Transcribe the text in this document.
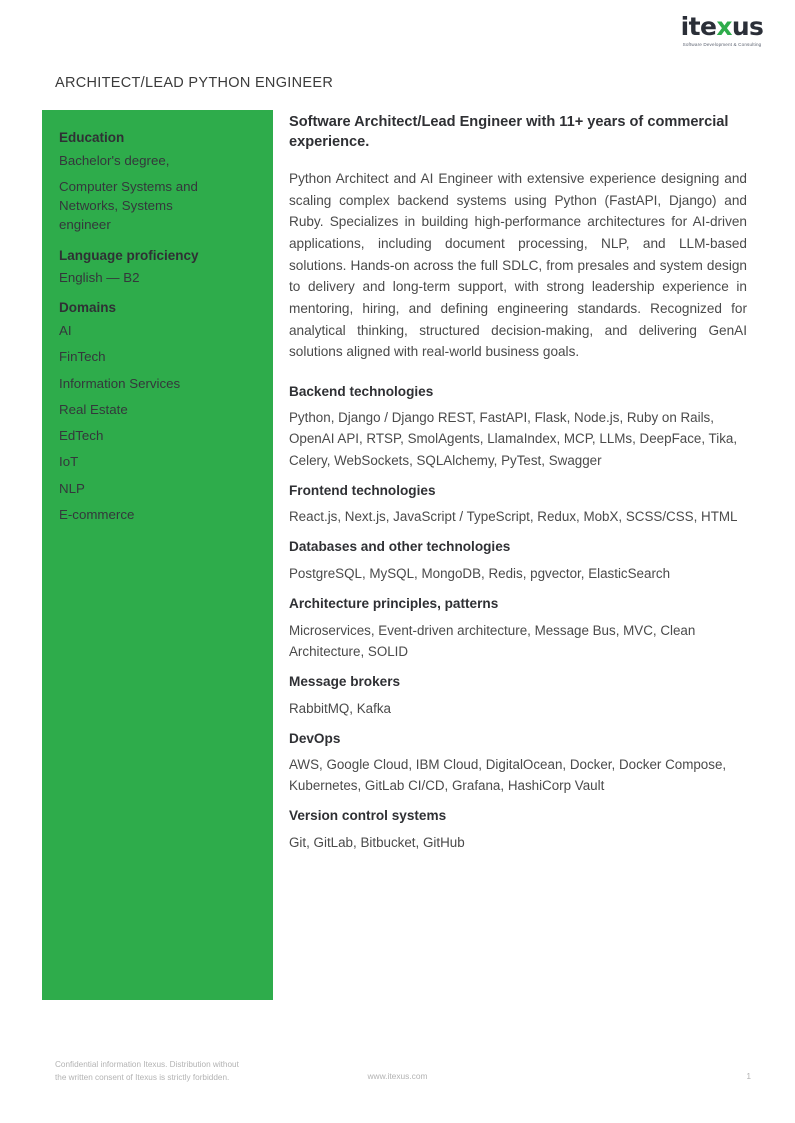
itexus
Software Development & Consulting
ARCHITECT/LEAD PYTHON ENGINEER
Education
Bachelor's degree,
Computer Systems and
Networks, Systems
engineer
Language proficiency
English — B2
Domains
AI
FinTech
Information Services
Real Estate
EdTech
IoT
NLP
E-commerce
Software Architect/Lead Engineer with 11+ years of commercial experience.
Python Architect and AI Engineer with extensive experience designing and scaling complex backend systems using Python (FastAPI, Django) and Ruby. Specializes in building high-performance architectures for AI-driven applications, including document processing, NLP, and LLM-based solutions. Hands-on across the full SDLC, from presales and system design to delivery and long-term support, with strong leadership experience in mentoring, hiring, and defining engineering standards. Recognized for analytical thinking, structured decision-making, and delivering GenAI solutions aligned with real-world business goals.
Backend technologies
Python, Django / Django REST, FastAPI, Flask, Node.js, Ruby on Rails, OpenAI API, RTSP, SmolAgents, LlamaIndex, MCP, LLMs, DeepFace, Tika, Celery, WebSockets, SQLAlchemy, PyTest, Swagger
Frontend technologies
React.js, Next.js, JavaScript / TypeScript, Redux, MobX, SCSS/CSS, HTML
Databases and other technologies
PostgreSQL, MySQL, MongoDB, Redis, pgvector, ElasticSearch
Architecture principles, patterns
Microservices, Event-driven architecture, Message Bus, MVC, Clean Architecture, SOLID
Message brokers
RabbitMQ, Kafka
DevOps
AWS, Google Cloud, IBM Cloud, DigitalOcean, Docker, Docker Compose, Kubernetes, GitLab CI/CD, Grafana, HashiCorp Vault
Version control systems
Git, GitLab, Bitbucket, GitHub
Confidential information Itexus. Distribution without
the written consent of Itexus is strictly forbidden.	www.itexus.com	1
